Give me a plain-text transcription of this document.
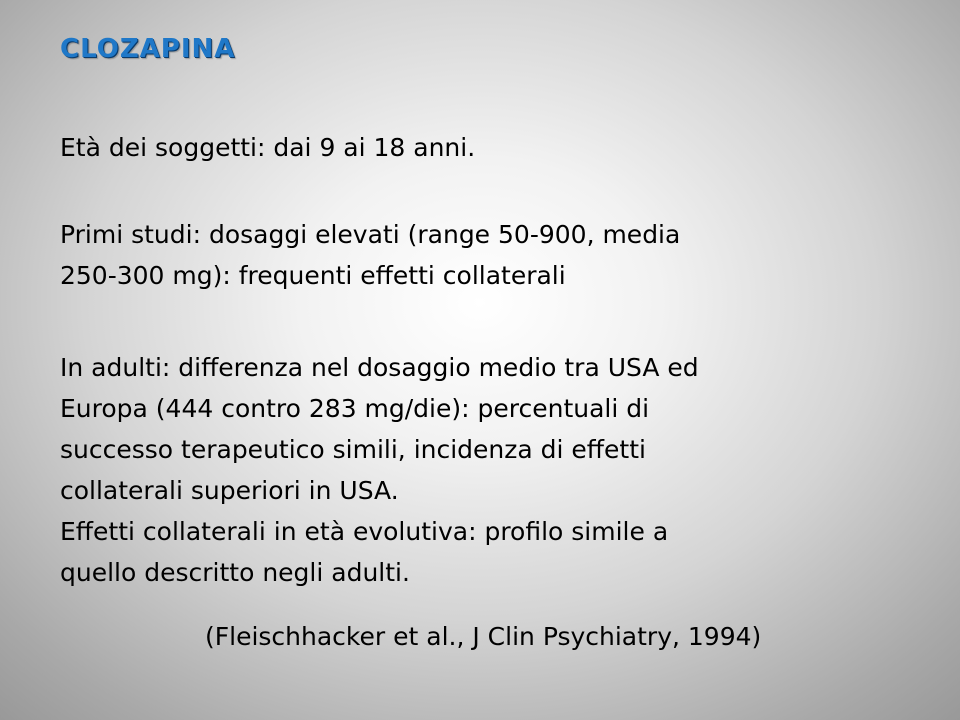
CLOZAPINA
Età dei soggetti: dai 9 ai 18 anni.
Primi studi: dosaggi elevati (range 50-900, media
250-300 mg): frequenti effetti collaterali
In adulti: differenza nel dosaggio medio tra USA ed
Europa (444 contro 283 mg/die): percentuali di
successo terapeutico simili, incidenza di effetti
collaterali superiori in USA.
Effetti collaterali in età evolutiva: profilo simile a
quello descritto negli adulti.
(Fleischhacker et al., J Clin Psychiatry, 1994)
